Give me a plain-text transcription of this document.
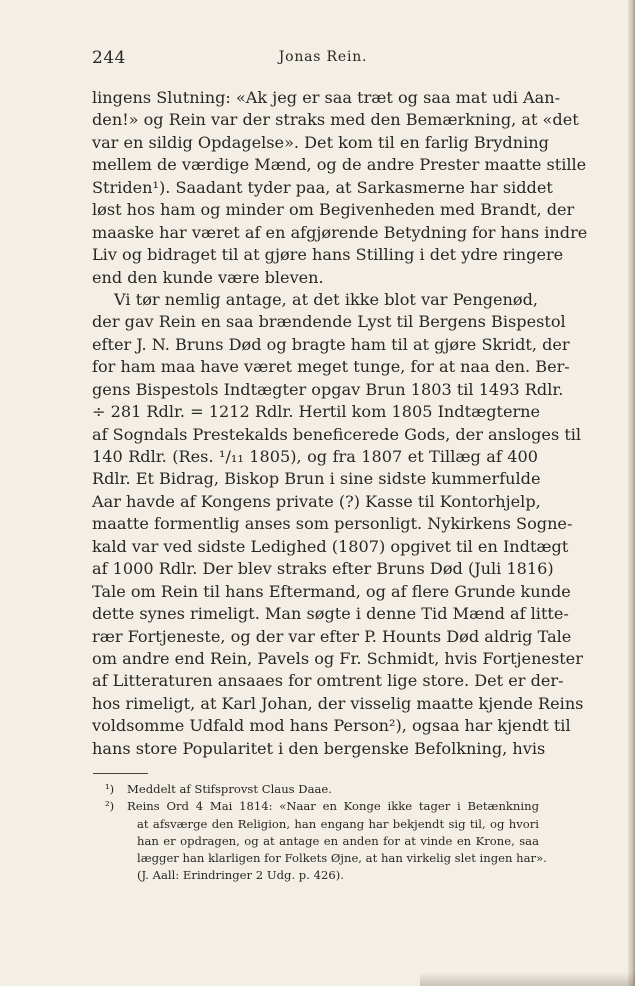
244	Jonas Rein.
lingens Slutning: «Ak jeg er saa træt og saa mat udi Aan-
den!» og Rein var der straks med den Bemærkning, at «det
var en sildig Opdagelse». Det kom til en farlig Brydning
mellem de værdige Mænd, og de andre Prester maatte stille
Striden¹). Saadant tyder paa, at Sarkasmerne har siddet
løst hos ham og minder om Begivenheden med Brandt, der
maaske har været af en afgjørende Betydning for hans indre
Liv og bidraget til at gjøre hans Stilling i det ydre ringere
end den kunde være bleven.
Vi tør nemlig antage, at det ikke blot var Pengenød,
der gav Rein en saa brændende Lyst til Bergens Bispestol
efter J. N. Bruns Død og bragte ham til at gjøre Skridt, der
for ham maa have været meget tunge, for at naa den. Ber-
gens Bispestols Indtægter opgav Brun 1803 til 1493 Rdlr.
÷ 281 Rdlr. = 1212 Rdlr. Hertil kom 1805 Indtægterne
af Sogndals Prestekalds beneficerede Gods, der ansloges til
140 Rdlr. (Res. ¹/₁₁ 1805), og fra 1807 et Tillæg af 400
Rdlr. Et Bidrag, Biskop Brun i sine sidste kummerfulde
Aar havde af Kongens private (?) Kasse til Kontorhjelp,
maatte formentlig anses som personligt. Nykirkens Sogne-
kald var ved sidste Ledighed (1807) opgivet til en Indtægt
af 1000 Rdlr. Der blev straks efter Bruns Død (Juli 1816)
Tale om Rein til hans Eftermand, og af flere Grunde kunde
dette synes rimeligt. Man søgte i denne Tid Mænd af litte-
rær Fortjeneste, og der var efter P. Hounts Død aldrig Tale
om andre end Rein, Pavels og Fr. Schmidt, hvis Fortjenester
af Litteraturen ansaaes for omtrent lige store. Det er der-
hos rimeligt, at Karl Johan, der visselig maatte kjende Reins
voldsomme Udfald mod hans Person²), ogsaa har kjendt til
hans store Popularitet i den bergenske Befolkning, hvis
¹) Meddelt af Stifsprovst Claus Daae.
²) Reins Ord 4 Mai 1814: «Naar en Konge ikke tager i Betænkning
at afsværge den Religion, han engang har bekjendt sig til, og hvori
han er opdragen, og at antage en anden for at vinde en Krone, saa
lægger han klarligen for Folkets Øjne, at han virkelig slet ingen har».
(J. Aall: Erindringer 2 Udg. p. 426).
